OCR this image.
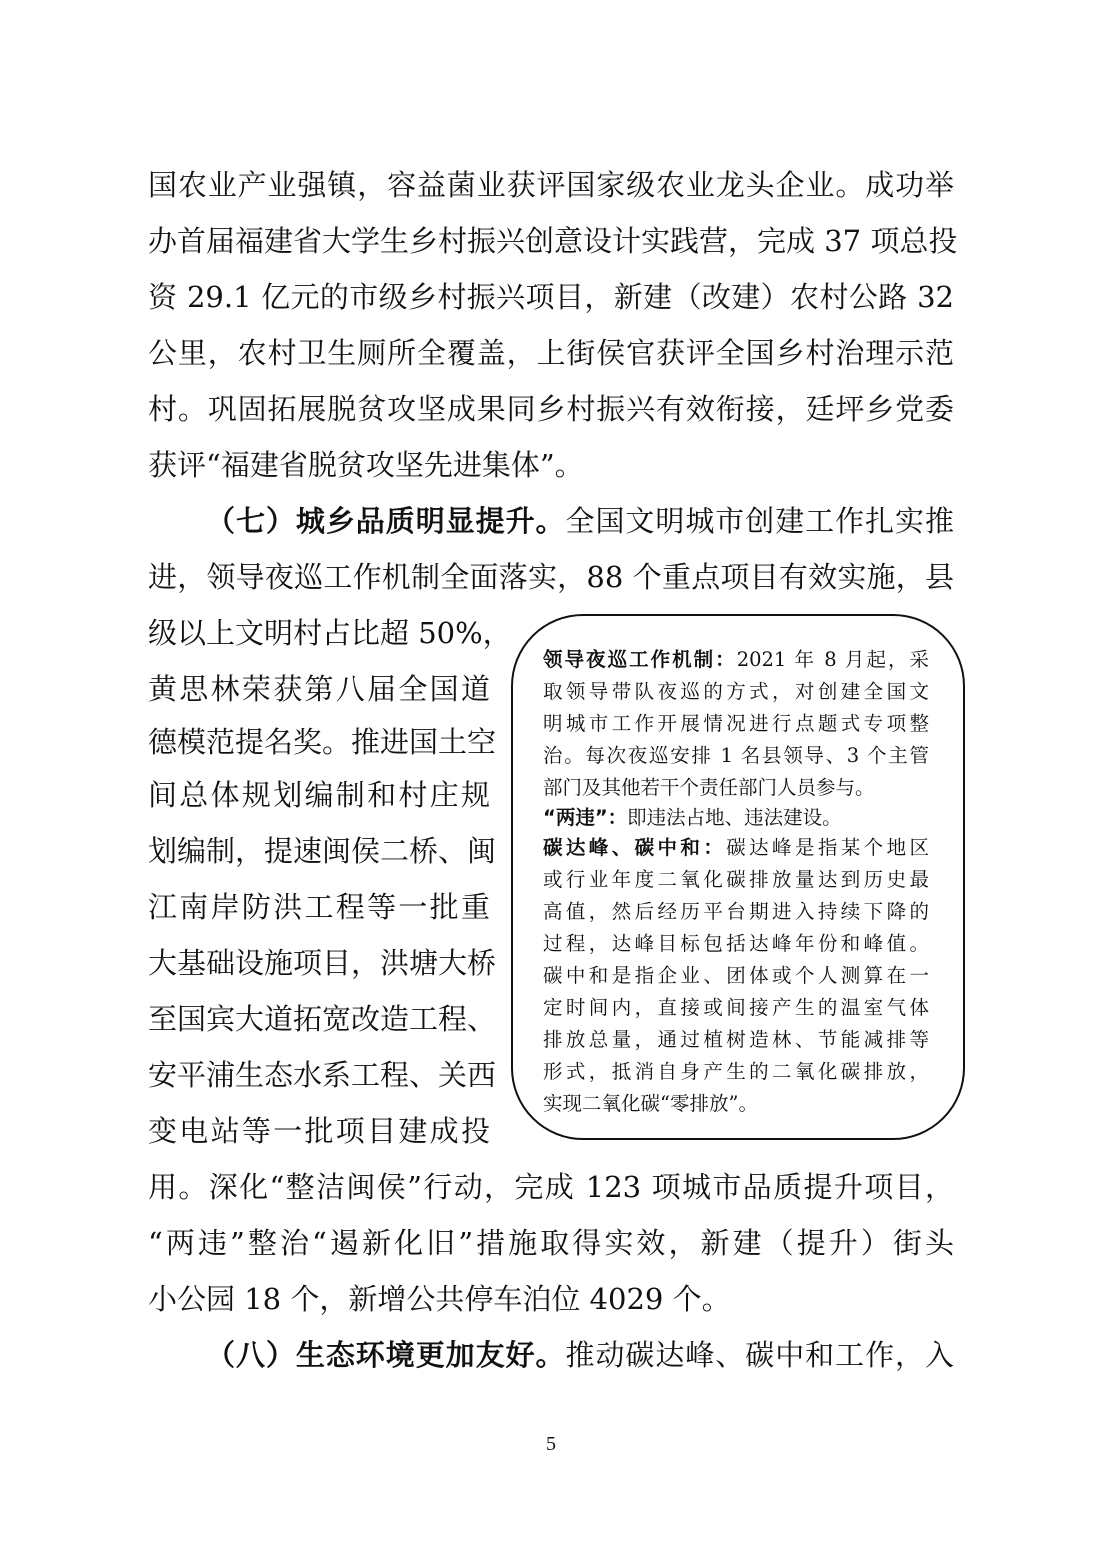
国农业产业强镇，容益菌业获评国家级农业龙头企业。成功举
办首届福建省大学生乡村振兴创意设计实践营，完成 37 项总投
资 29.1 亿元的市级乡村振兴项目，新建（改建）农村公路 32
公里，农村卫生厕所全覆盖，上街侯官获评全国乡村治理示范
村。巩固拓展脱贫攻坚成果同乡村振兴有效衔接，廷坪乡党委
获评“福建省脱贫攻坚先进集体”。
（七）城乡品质明显提升。全国文明城市创建工作扎实推
进，领导夜巡工作机制全面落实，88 个重点项目有效实施，县
级以上文明村占比超 50%，
黄思林荣获第八届全国道
德模范提名奖。推进国土空
间总体规划编制和村庄规
划编制，提速闽侯二桥、闽
江南岸防洪工程等一批重
大基础设施项目，洪塘大桥
至国宾大道拓宽改造工程、
安平浦生态水系工程、关西
变电站等一批项目建成投
用。深化“整洁闽侯”行动，完成 123 项城市品质提升项目，
“两违”整治“遏新化旧”措施取得实效，新建（提升）街头
小公园 18 个，新增公共停车泊位 4029 个。
（八）生态环境更加友好。推动碳达峰、碳中和工作，入
领导夜巡工作机制：2021 年 8 月起，采
取领导带队夜巡的方式，对创建全国文
明城市工作开展情况进行点题式专项整
治。每次夜巡安排 1 名县领导、3 个主管
部门及其他若干个责任部门人员参与。
“两违”：即违法占地、违法建设。
碳达峰、碳中和：碳达峰是指某个地区
或行业年度二氧化碳排放量达到历史最
高值，然后经历平台期进入持续下降的
过程，达峰目标包括达峰年份和峰值。
碳中和是指企业、团体或个人测算在一
定时间内，直接或间接产生的温室气体
排放总量，通过植树造林、节能减排等
形式，抵消自身产生的二氧化碳排放，
实现二氧化碳“零排放”。
5
